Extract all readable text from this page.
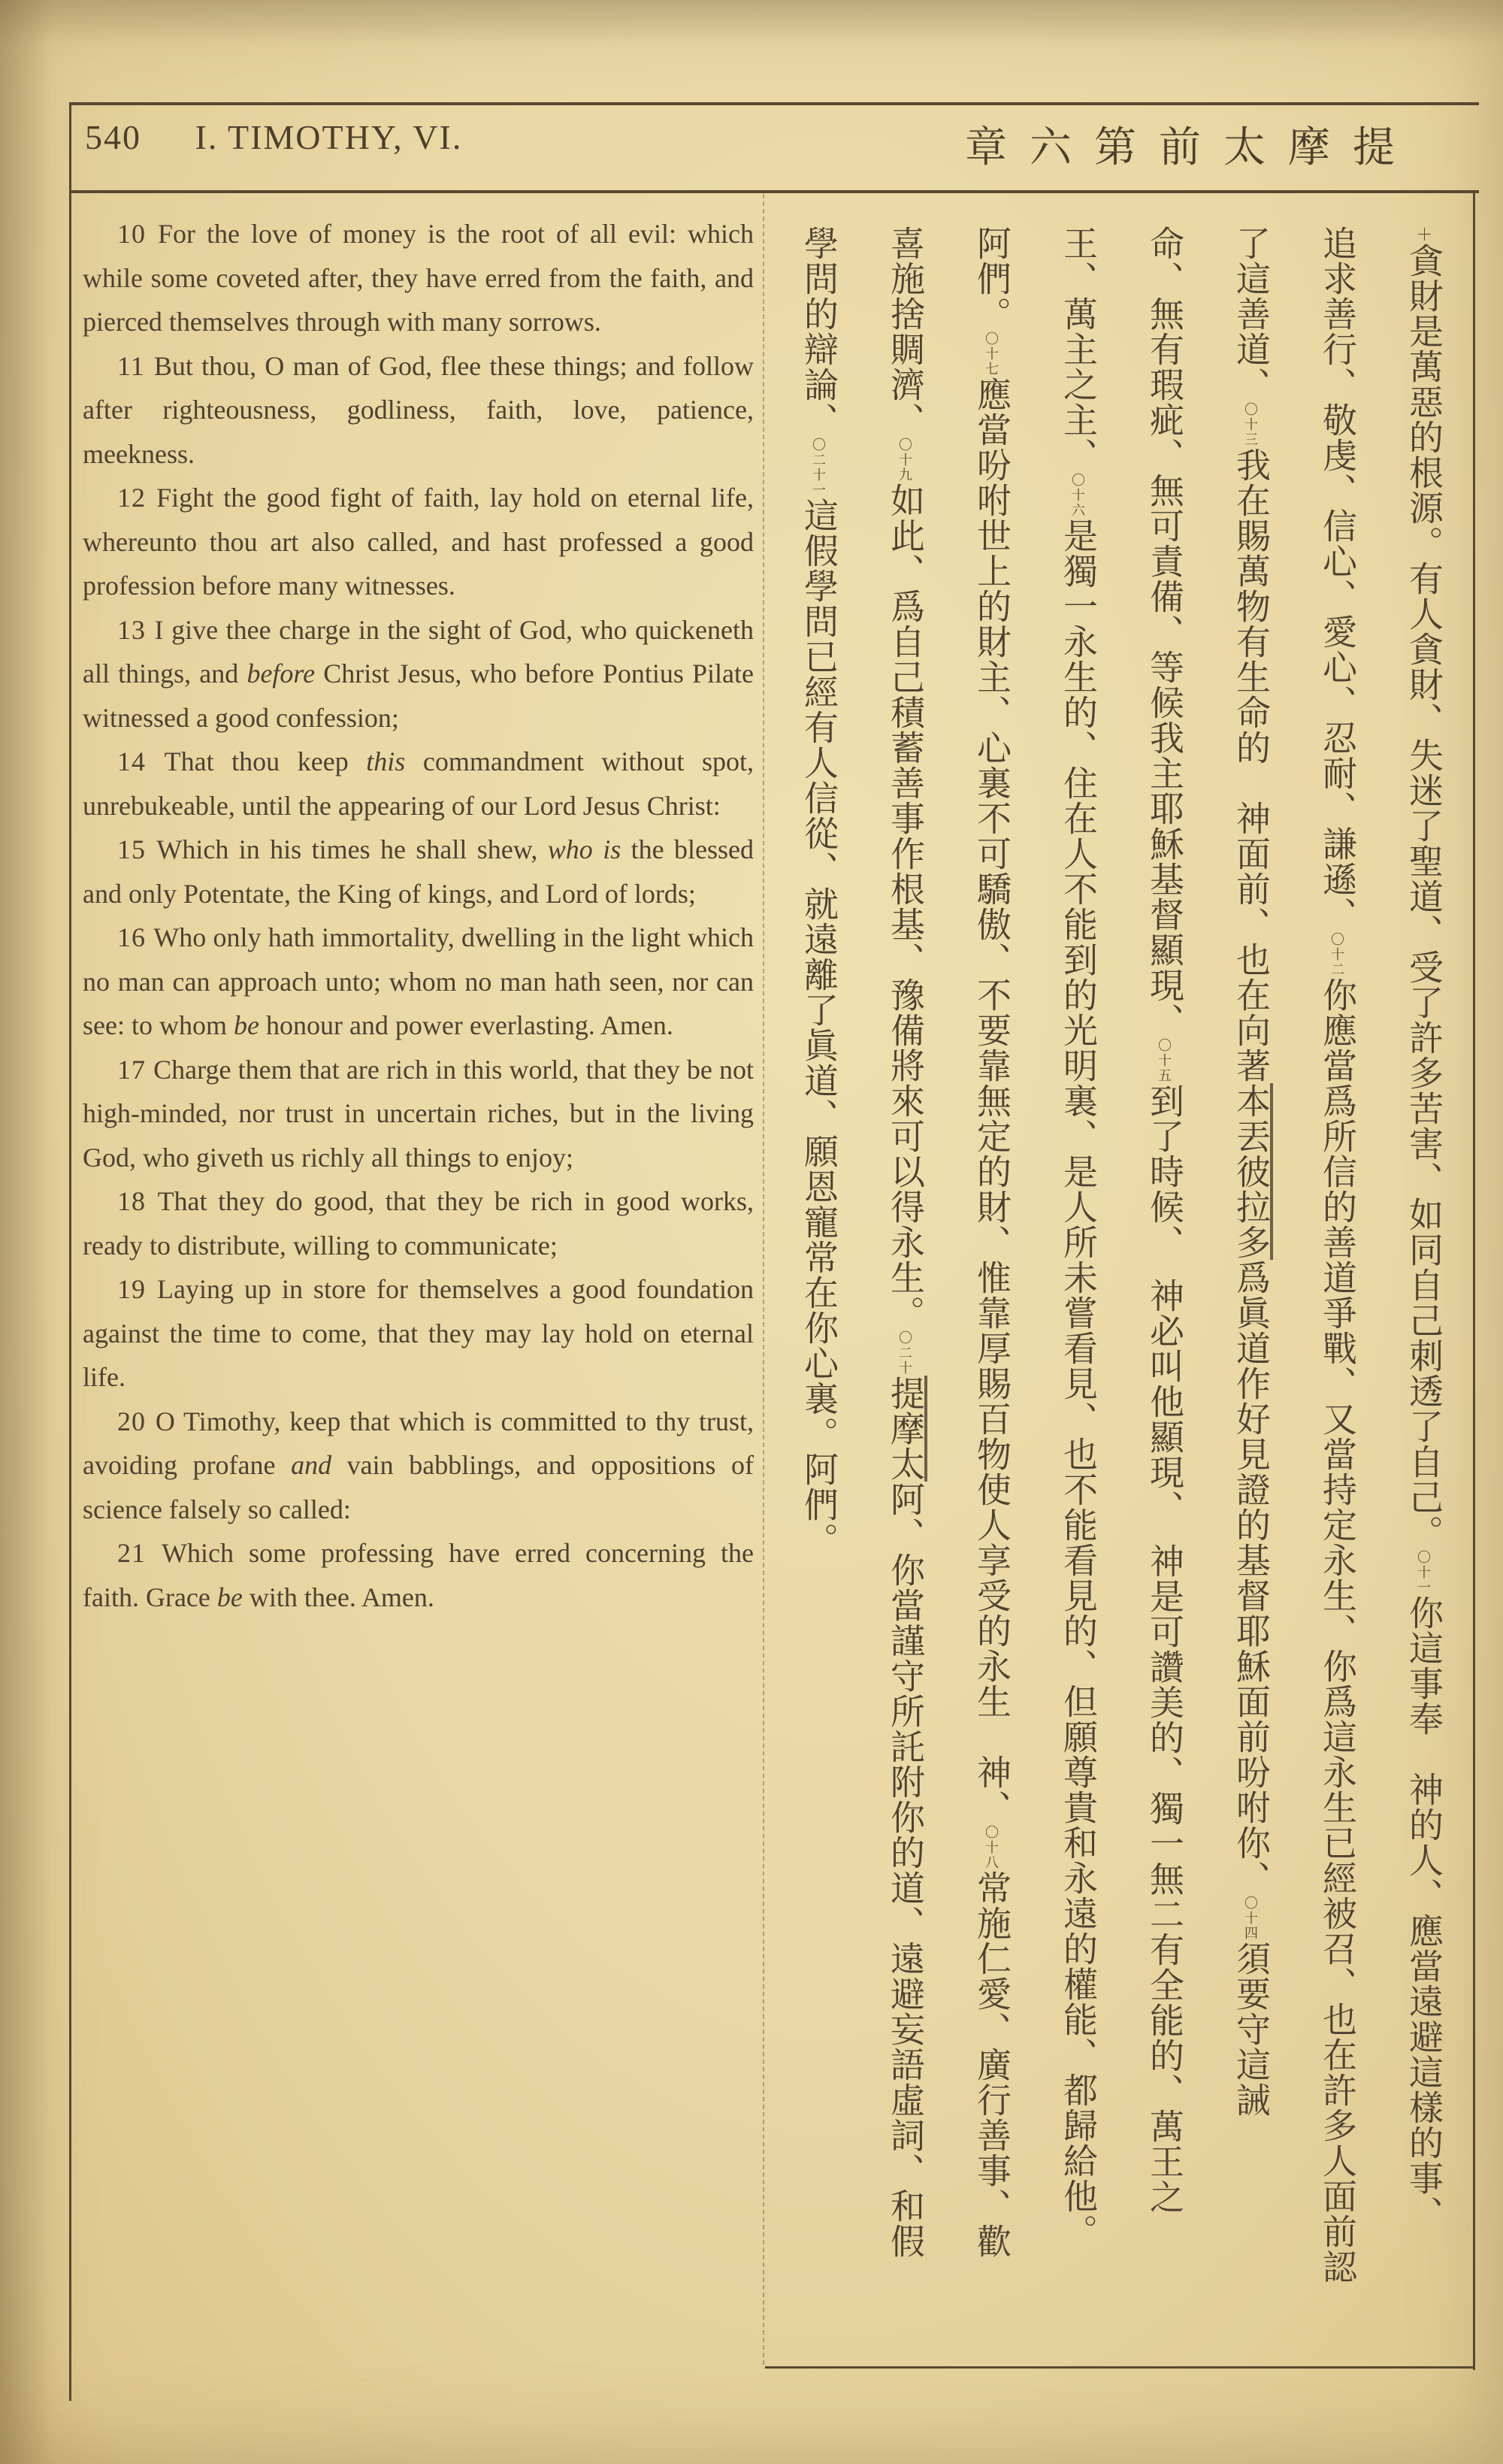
540 I. TIMOTHY, VI.	章六第前太摩提

10 For the love of money is the root of all evil: which while some coveted after, they have erred from the faith, and pierced themselves through with many sorrows.

11 But thou, O man of God, flee these things; and follow after righteousness, godliness, faith, love, patience, meekness.

12 Fight the good fight of faith, lay hold on eternal life, whereunto thou art also called, and hast professed a good profession before many witnesses.

13 I give thee charge in the sight of God, who quickeneth all things, and before Christ Jesus, who before Pontius Pilate witnessed a good confession;

14 That thou keep this commandment without spot, unrebukeable, until the appearing of our Lord Jesus Christ:

15 Which in his times he shall shew, who is the blessed and only Potentate, the King of kings, and Lord of lords;

16 Who only hath immortality, dwelling in the light which no man can approach unto; whom no man hath seen, nor can see: to whom be honour and power everlasting. Amen.

17 Charge them that are rich in this world, that they be not high-minded, nor trust in uncertain riches, but in the living God, who giveth us richly all things to enjoy;

18 That they do good, that they be rich in good works, ready to distribute, willing to communicate;

19 Laying up in store for themselves a good foundation against the time to come, that they may lay hold on eternal life.

20 O Timothy, keep that which is committed to thy trust, avoiding profane and vain babblings, and oppositions of science falsely so called:

21 Which some professing have erred concerning the faith. Grace be with thee. Amen.

＋貪財是萬惡的根源。有人貪財、失迷了聖道、受了許多苦害、如同自己刺透了自己。〇十一你這事奉　神的人、應當遠避這樣的事、
追求善行、敬虔、信心、愛心、忍耐、謙遜、〇十二你應當爲所信的善道爭戰、又當持定永生、你爲這永生已經被召、也在許多人面前認
了這善道、〇十三我在賜萬物有生命的　神面前、也在向著本丟彼拉多爲眞道作好見證的基督耶穌面前吩咐你、〇十四須要守這誡
命、無有瑕疵、無可責備、等候我主耶穌基督顯現、〇十五到了時候、　神必叫他顯現、　神是可讚美的、獨一無二有全能的、萬王之
王、萬主之主、〇十六是獨一永生的、住在人不能到的光明裏、是人所未嘗看見、也不能看見的、但願尊貴和永遠的權能、都歸給他。
阿們。〇十七應當吩咐世上的財主、心裏不可驕傲、不要靠無定的財、惟靠厚賜百物使人享受的永生　神、〇十八常施仁愛、廣行善事、歡
喜施捨賙濟、〇十九如此、爲自己積蓄善事作根基、豫備將來可以得永生。〇二十提摩太阿、你當謹守所託附你的道、遠避妄語虛詞、和假
學問的辯論、〇二十一這假學問已經有人信從、就遠離了眞道、願恩寵常在你心裏。阿們。
